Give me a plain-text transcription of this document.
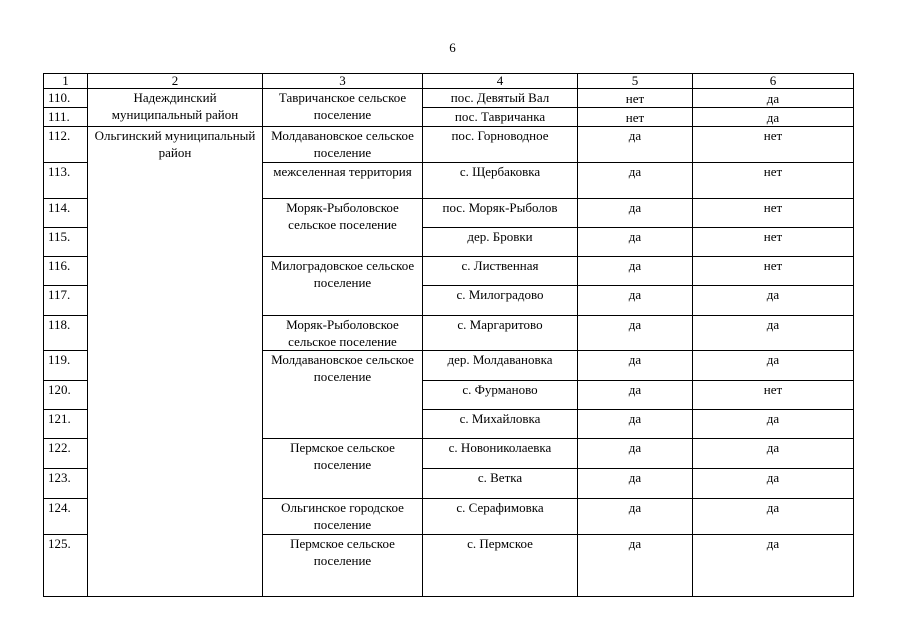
6
1	2	3	4	5	6
110.	Надеждинский муниципальный район	Тавричанское сельское поселение	пос. Девятый Вал	нет	да
111.			пос. Тавричанка	нет	да
112.	Ольгинский муниципальный район	Молдавановское сельское поселение	пос. Горноводное	да	нет
113.		межселенная территория	с. Щербаковка	да	нет
114.		Моряк-Рыболовское сельское поселение	пос. Моряк-Рыболов	да	нет
115.			дер. Бровки	да	нет
116.		Милоградовское сельское поселение	с. Лиственная	да	нет
117.			с. Милоградово	да	да
118.		Моряк-Рыболовское сельское поселение	с. Маргаритово	да	да
119.		Молдавановское сельское поселение	дер. Молдавановка	да	да
120.			с. Фурманово	да	нет
121.			с. Михайловка	да	да
122.		Пермское сельское поселение	с. Новониколаевка	да	да
123.			с. Ветка	да	да
124.		Ольгинское городское поселение	с. Серафимовка	да	да
125.		Пермское сельское поселение	с. Пермское	да	да
